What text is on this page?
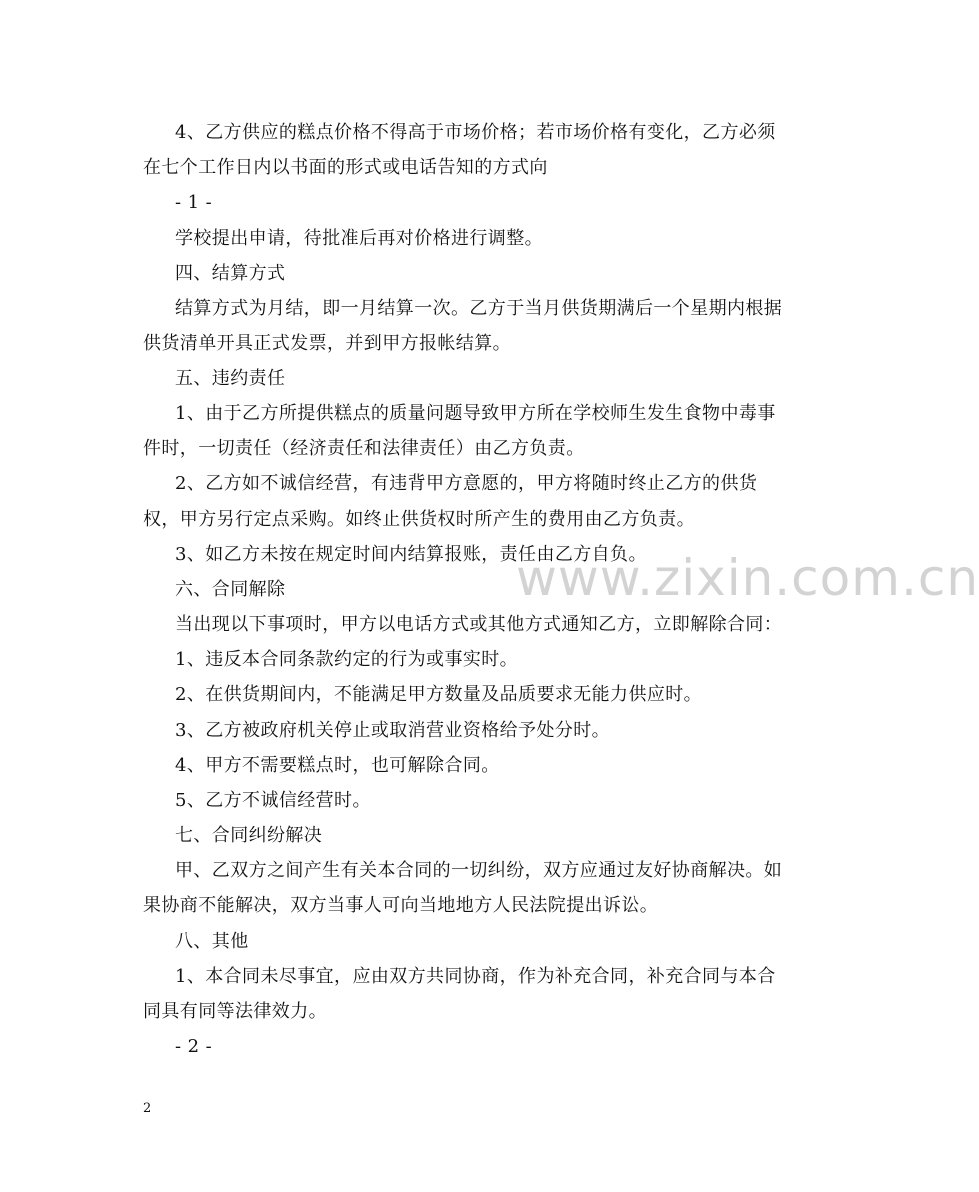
4、乙方供应的糕点价格不得高于市场价格；若市场价格有变化，乙方必须

在七个工作日内以书面的形式或电话告知的方式向

- 1 -

学校提出申请，待批准后再对价格进行调整。

四、结算方式

结算方式为月结，即一月结算一次。乙方于当月供货期满后一个星期内根据

供货清单开具正式发票，并到甲方报帐结算。

五、违约责任

1、由于乙方所提供糕点的质量问题导致甲方所在学校师生发生食物中毒事

件时，一切责任（经济责任和法律责任）由乙方负责。

2、乙方如不诚信经营，有违背甲方意愿的，甲方将随时终止乙方的供货

权，甲方另行定点采购。如终止供货权时所产生的费用由乙方负责。

3、如乙方未按在规定时间内结算报账，责任由乙方自负。

六、合同解除

当出现以下事项时，甲方以电话方式或其他方式通知乙方，立即解除合同：

1、违反本合同条款约定的行为或事实时。

2、在供货期间内，不能满足甲方数量及品质要求无能力供应时。

3、乙方被政府机关停止或取消营业资格给予处分时。

4、甲方不需要糕点时，也可解除合同。

5、乙方不诚信经营时。

七、合同纠纷解决

甲、乙双方之间产生有关本合同的一切纠纷，双方应通过友好协商解决。如

果协商不能解决，双方当事人可向当地地方人民法院提出诉讼。

八、其他

1、本合同未尽事宜，应由双方共同协商，作为补充合同，补充合同与本合

同具有同等法律效力。

- 2 -

www.zixin.com.cn

2
